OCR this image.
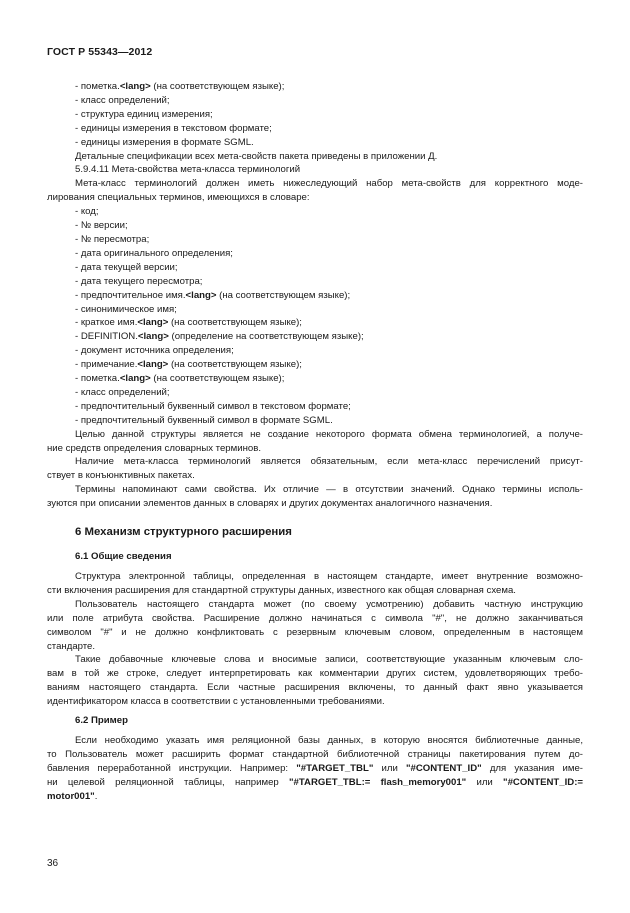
ГОСТ Р 55343—2012
- пометка.<lang> (на соответствующем языке);
- класс определений;
- структура единиц измерения;
- единицы измерения в текстовом формате;
- единицы измерения в формате SGML.
Детальные спецификации всех мета-свойств пакета приведены в приложении Д.
5.9.4.11 Мета-свойства мета-класса терминологий
Мета-класс терминологий должен иметь нижеследующий набор мета-свойств для корректного моде-
лирования специальных терминов, имеющихся в словаре:
- код;
- № версии;
- № пересмотра;
- дата оригинального определения;
- дата текущей версии;
- дата текущего пересмотра;
- предпочтительное имя.<lang> (на соответствующем языке);
- синонимическое имя;
- краткое имя.<lang> (на соответствующем языке);
- DEFINITION.<lang> (определение на соответствующем языке);
- документ источника определения;
- примечание.<lang> (на соответствующем языке);
- пометка.<lang> (на соответствующем языке);
- класс определений;
- предпочтительный буквенный символ в текстовом формате;
- предпочтительный буквенный символ в формате SGML.
Целью данной структуры является не создание некоторого формата обмена терминологией, а получе-
ние средств определения словарных терминов.
Наличие мета-класса терминологий является обязательным, если мета-класс перечислений присут-
ствует в конъюнктивных пакетах.
Термины напоминают сами свойства. Их отличие — в отсутствии значений. Однако термины исполь-
зуются при описании элементов данных в словарях и других документах аналогичного назначения.
6 Механизм структурного расширения
6.1 Общие сведения
Структура электронной таблицы, определенная в настоящем стандарте, имеет внутренние возможно-
сти включения расширения для стандартной структуры данных, известного как общая словарная схема.
Пользователь настоящего стандарта может (по своему усмотрению) добавить частную инструкцию
или поле атрибута свойства. Расширение должно начинаться с символа "#", не должно заканчиваться
символом "#" и не должно конфликтовать с резервным ключевым словом, определенным в настоящем
стандарте.
Такие добавочные ключевые слова и вносимые записи, соответствующие указанным ключевым сло-
вам в той же строке, следует интерпретировать как комментарии других систем, удовлетворяющих требо-
ваниям настоящего стандарта. Если частные расширения включены, то данный факт явно указывается
идентификатором класса в соответствии с установленными требованиями.
6.2 Пример
Если необходимо указать имя реляционной базы данных, в которую вносятся библиотечные данные,
то Пользователь может расширить формат стандартной библиотечной страницы пакетирования путем до-
бавления переработанной инструкции. Например: "#TARGET_TBL" или "#CONTENT_ID" для указания име-
ни целевой реляционной таблицы, например "#TARGET_TBL:= flash_memory001" или "#CONTENT_ID:=
motor001".
36
